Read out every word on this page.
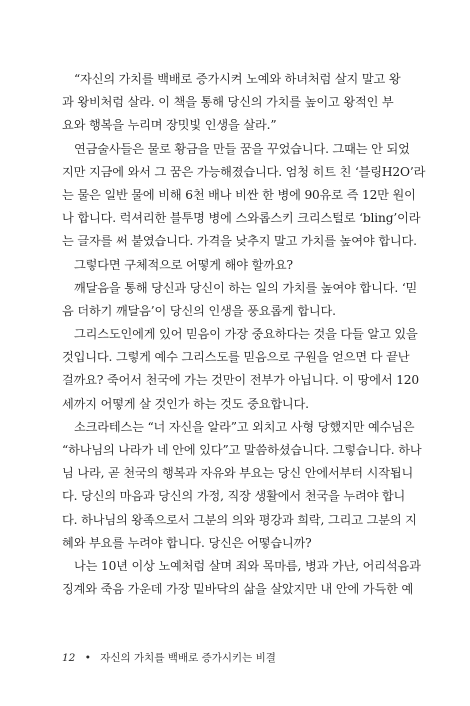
“자신의 가치를 백배로 증가시켜 노예와 하녀처럼 살지 말고 왕
과 왕비처럼 살라. 이 책을 통해 당신의 가치를 높이고 왕적인 부
요와 행복을 누리며 장밋빛 인생을 살라.”

연금술사들은 물로 황금을 만들 꿈을 꾸었습니다. 그때는 안 되었
지만 지금에 와서 그 꿈은 가능해졌습니다. 엄청 히트 친 ‘블링H2O’라
는 물은 일반 물에 비해 6천 배나 비싼 한 병에 90유로 즉 12만 원이
나 합니다. 럭셔리한 블투명 병에 스와롭스키 크리스털로 ‘bling’이라
는 글자를 써 붙였습니다. 가격을 낮추지 말고 가치를 높여야 합니다.

그렇다면 구체적으로 어떻게 해야 할까요?

깨달음을 통해 당신과 당신이 하는 일의 가치를 높여야 합니다. ‘믿
음 더하기 깨달음’이 당신의 인생을 풍요롭게 합니다.

그리스도인에게 있어 믿음이 가장 중요하다는 것을 다들 알고 있을
것입니다. 그렇게 예수 그리스도를 믿음으로 구원을 얻으면 다 끝난
걸까요? 죽어서 천국에 가는 것만이 전부가 아닙니다. 이 땅에서 120
세까지 어떻게 살 것인가 하는 것도 중요합니다.

소크라테스는 “너 자신을 알라”고 외치고 사형 당했지만 예수님은
“하나님의 나라가 네 안에 있다”고 말씀하셨습니다. 그렇습니다. 하나
님 나라, 곧 천국의 행복과 자유와 부요는 당신 안에서부터 시작됩니
다. 당신의 마음과 당신의 가정, 직장 생활에서 천국을 누려야 합니
다. 하나님의 왕족으로서 그분의 의와 평강과 희락, 그리고 그분의 지
혜와 부요를 누려야 합니다. 당신은 어떻습니까?

나는 10년 이상 노예처럼 살며 죄와 목마름, 병과 가난, 어리석음과
징계와 죽음 가운데 가장 밑바닥의 삶을 살았지만 내 안에 가득한 예

12 • 자신의 가치를 백배로 증가시키는 비결
